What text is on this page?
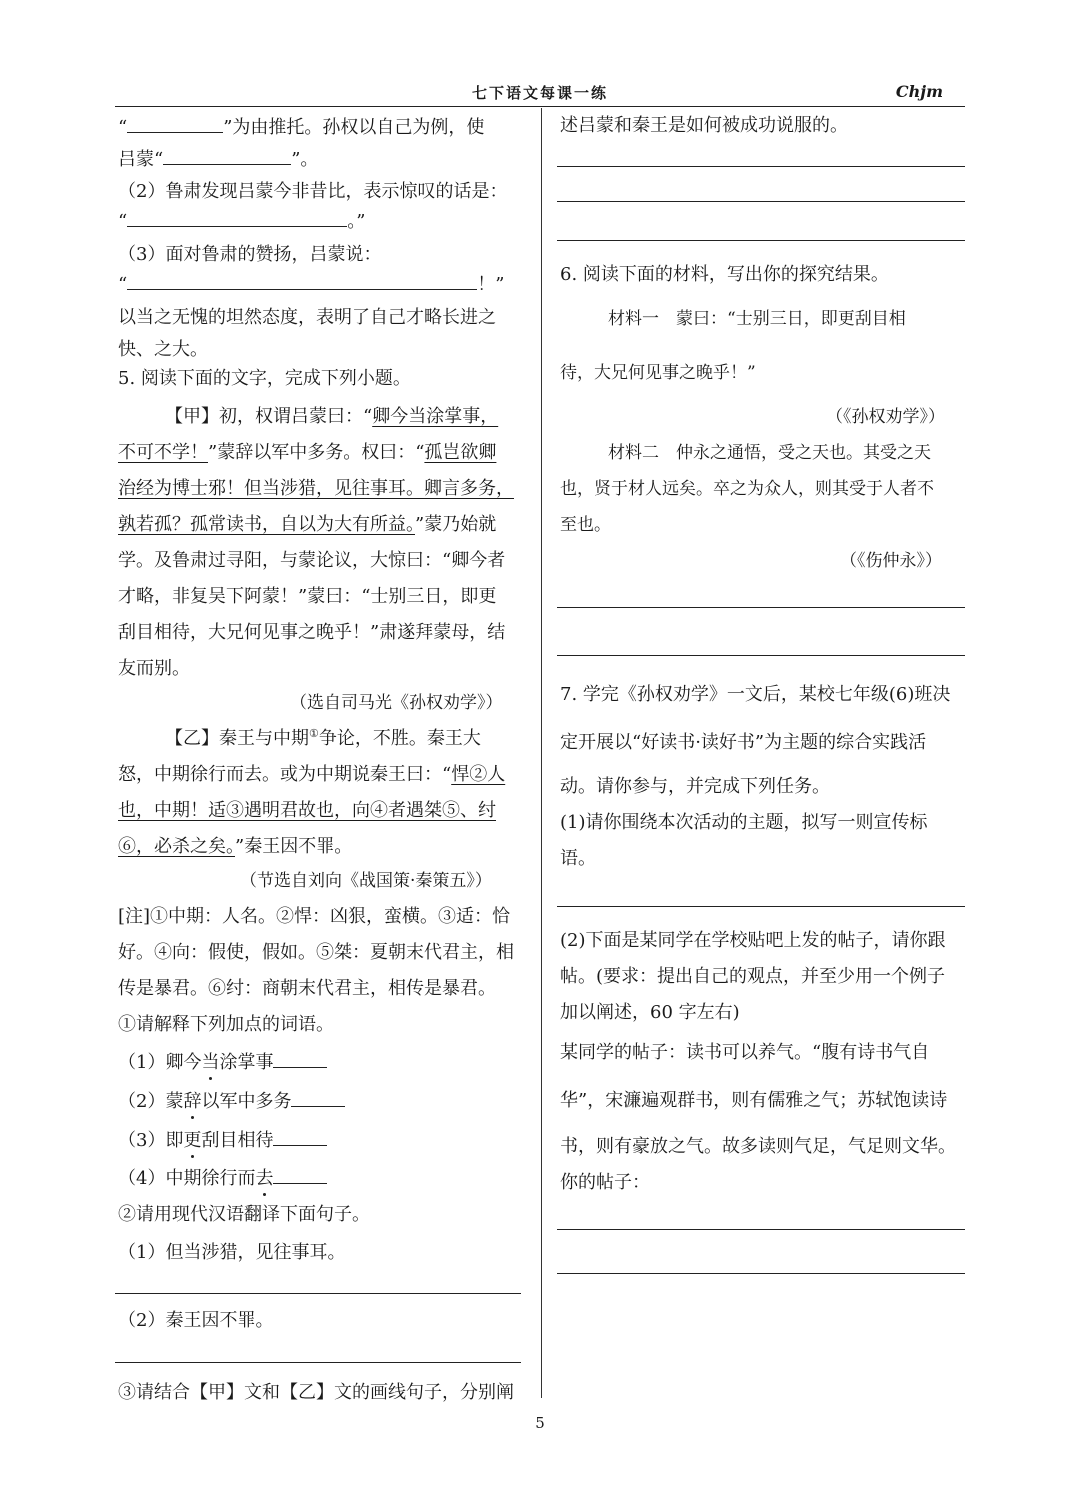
七下语文每课一练	Chjm
“	”为由推托。孙权以自己为例，使
吕蒙“	”。
（2）鲁肃发现吕蒙今非昔比，表示惊叹的话是：
“	。”
（3）面对鲁肃的赞扬，吕蒙说：
“	！”
以当之无愧的坦然态度，表明了自己才略长进之
快、之大。
5. 阅读下面的文字，完成下列小题。
【甲】初，权谓吕蒙曰：“卿今当涂掌事，
不可不学！”蒙辞以军中多务。权曰：“孤岂欲卿
治经为博士邪！但当涉猎，见往事耳。卿言多务，
孰若孤？孤常读书，自以为大有所益。”蒙乃始就
学。及鲁肃过寻阳，与蒙论议，大惊曰：“卿今者
才略，非复吴下阿蒙！”蒙曰：“士别三日，即更
刮目相待，大兄何见事之晚乎！”肃遂拜蒙母，结
友而别。
（选自司马光《孙权劝学》）
【乙】秦王与中期①争论，不胜。秦王大
怒，中期徐行而去。或为中期说秦王曰：“悍②人
也，中期！适③遇明君故也，向④者遇桀⑤、纣
⑥，必杀之矣。”秦王因不罪。
（节选自刘向《战国策·秦策五》）
[注]①中期：人名。②悍：凶狠，蛮横。③适：恰
好。④向：假使，假如。⑤桀：夏朝末代君主，相
传是暴君。⑥纣：商朝末代君主，相传是暴君。
①请解释下列加点的词语。
（1）卿今当涂掌事
（2）蒙辞以军中多务
（3）即更刮目相待
（4）中期徐行而去
②请用现代汉语翻译下面句子。
（1）但当涉猎，见往事耳。
（2）秦王因不罪。
③请结合【甲】文和【乙】文的画线句子，分别阐
述吕蒙和秦王是如何被成功说服的。
6. 阅读下面的材料，写出你的探究结果。
材料一　蒙曰：“士别三日，即更刮目相
待，大兄何见事之晚乎！”
（《孙权劝学》）
材料二　仲永之通悟，受之天也。其受之天
也，贤于材人远矣。卒之为众人，则其受于人者不
至也。
（《伤仲永》）
7. 学完《孙权劝学》一文后，某校七年级(6)班决
定开展以“好读书·读好书”为主题的综合实践活
动。请你参与，并完成下列任务。
(1)请你围绕本次活动的主题，拟写一则宣传标
语。
(2)下面是某同学在学校贴吧上发的帖子，请你跟
帖。(要求：提出自己的观点，并至少用一个例子
加以阐述，60 字左右)
某同学的帖子：读书可以养气。“腹有诗书气自
华”，宋濂遍观群书，则有儒雅之气；苏轼饱读诗
书，则有豪放之气。故多读则气足，气足则文华。
你的帖子：
5
